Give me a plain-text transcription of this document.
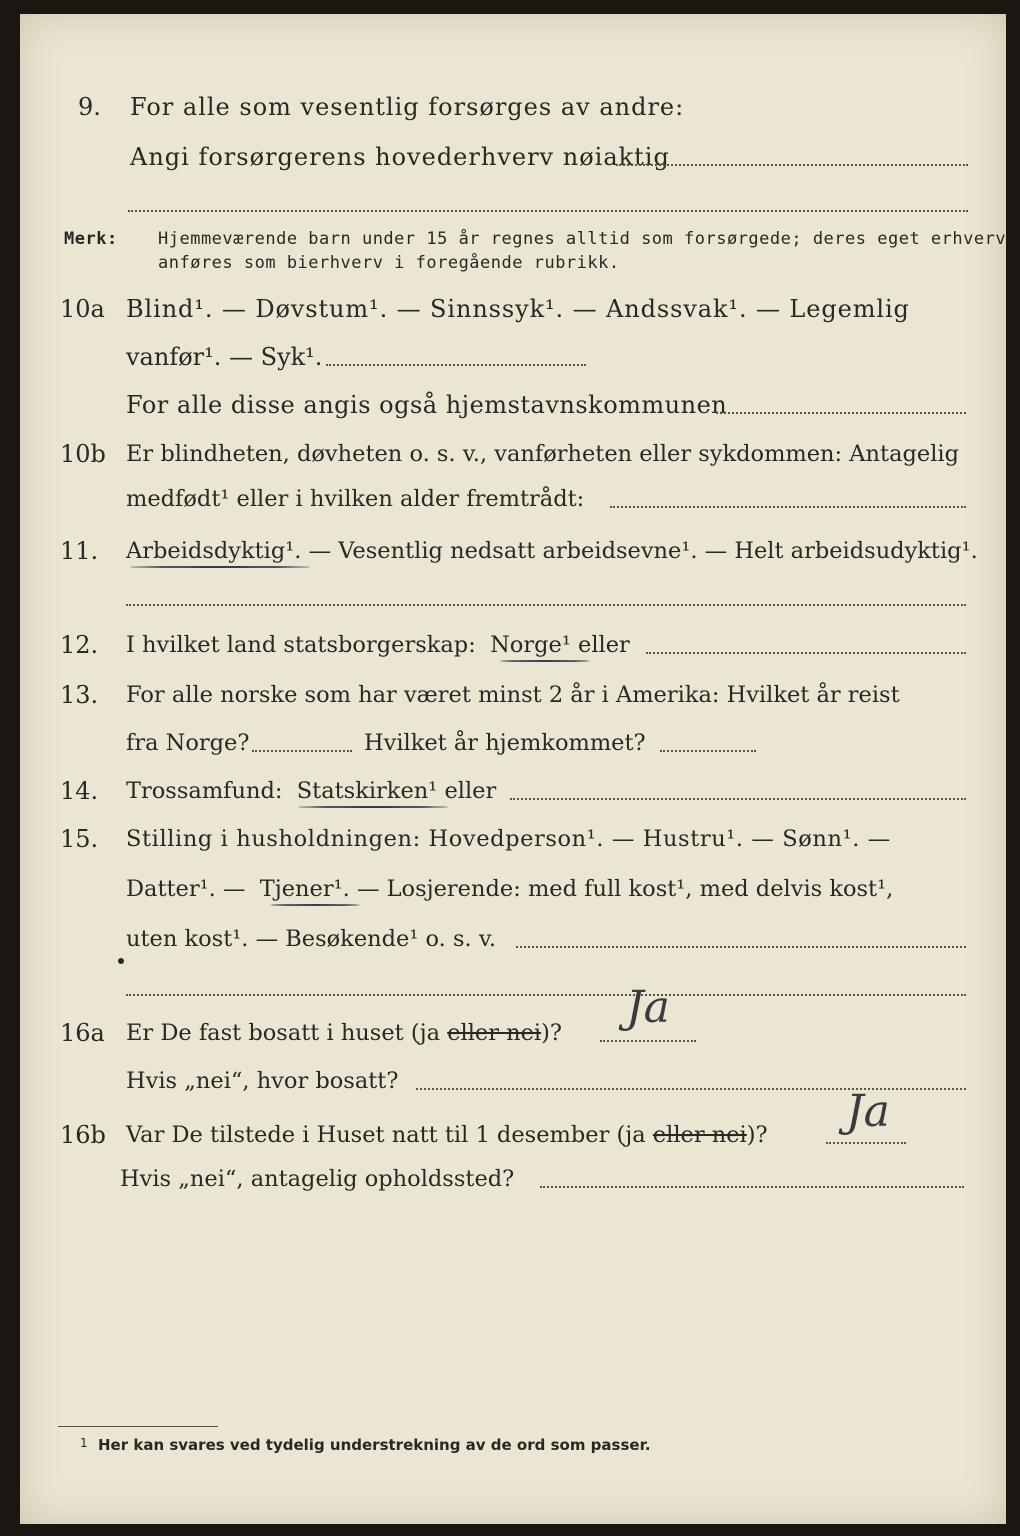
9. For alle som vesentlig forsørges av andre:
Angi forsørgerens hovederhverv nøiaktig
Merk: Hjemmeværende barn under 15 år regnes alltid som forsørgede; deres eget erhverv
anføres som bierhverv i foregående rubrikk.
10a Blind¹. — Døvstum¹. — Sinnssyk¹. — Andssvak¹. — Legemlig
vanfør¹. — Syk¹.
For alle disse angis også hjemstavnskommunen
10b Er blindheten, døvheten o. s. v., vanførheten eller sykdommen: Antagelig
medfødt¹ eller i hvilken alder fremtrådt:
11. Arbeidsdyktig¹. — Vesentlig nedsatt arbeidsevne¹. — Helt arbeidsudyktig¹.
12. I hvilket land statsborgerskap: Norge¹ eller
13. For alle norske som har været minst 2 år i Amerika: Hvilket år reist
fra Norge?	Hvilket år hjemkommet?
14. Trossamfund: Statskirken¹ eller
15. Stilling i husholdningen: Hovedperson¹. — Hustru¹. — Sønn¹. —
Datter¹. — Tjener¹. — Losjerende: med full kost¹, med delvis kost¹,
uten kost¹. — Besøkende¹ o. s. v.
16a Er De fast bosatt i huset (ja eller nei)? Ja
Hvis „nei“, hvor bosatt?
16b Var De tilstede i Huset natt til 1 desember (ja eller nei)? Ja
Hvis „nei“, antagelig opholdssted?
1 Her kan svares ved tydelig understrekning av de ord som passer.
